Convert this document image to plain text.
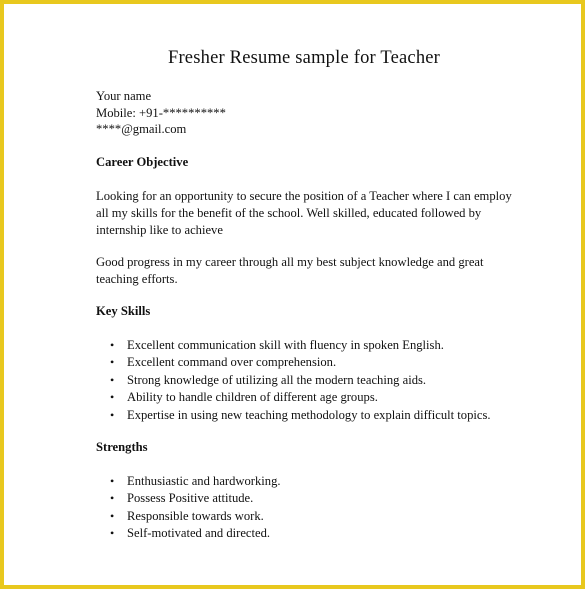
Fresher Resume sample for Teacher
Your name
Mobile: +91-**********
****@gmail.com
Career Objective
Looking for an opportunity to secure the position of a Teacher where I can employ all my skills for the benefit of the school. Well skilled, educated followed by internship like to achieve
Good progress in my career through all my best subject knowledge and great teaching efforts.
Key Skills
• Excellent communication skill with fluency in spoken English.
• Excellent command over comprehension.
• Strong knowledge of utilizing all the modern teaching aids.
• Ability to handle children of different age groups.
• Expertise in using new teaching methodology to explain difficult topics.
Strengths
• Enthusiastic and hardworking.
• Possess Positive attitude.
• Responsible towards work.
• Self-motivated and directed.
